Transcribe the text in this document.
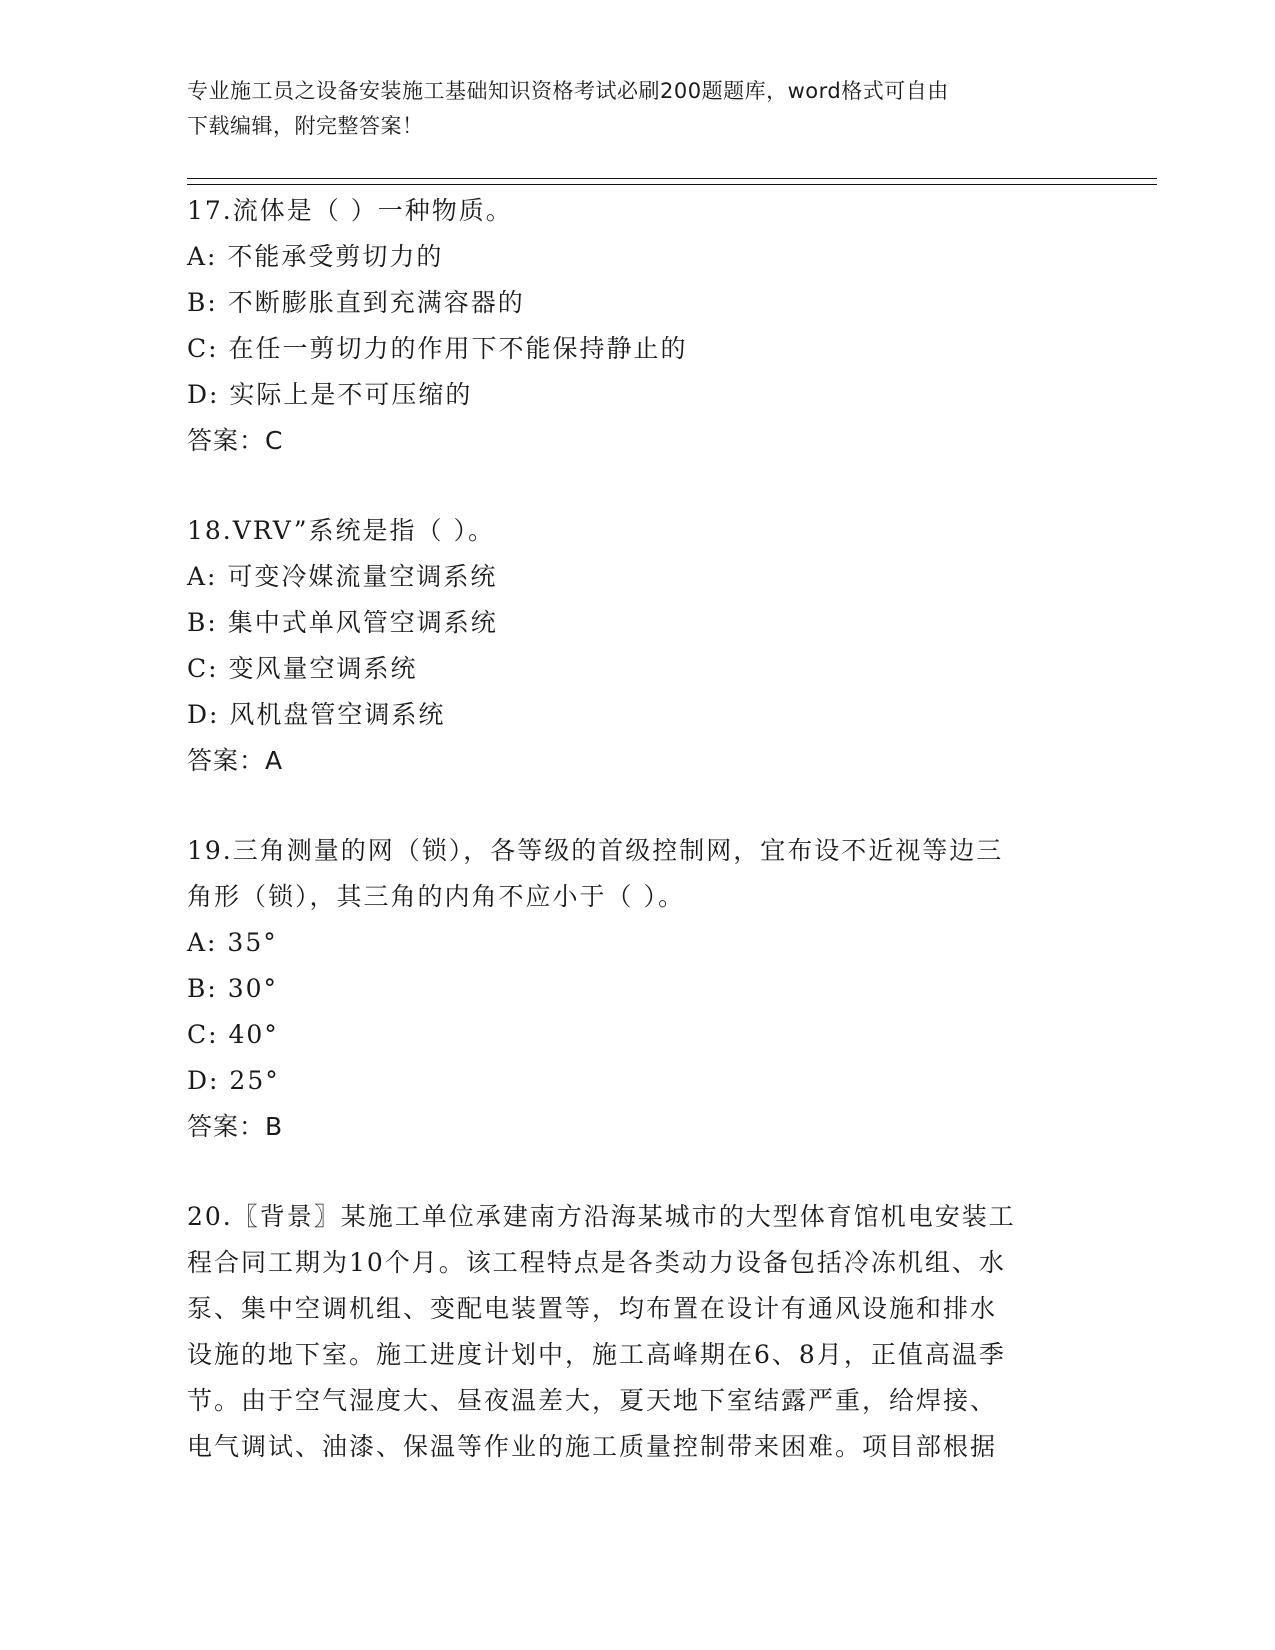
专业施工员之设备安装施工基础知识资格考试必刷200题题库，word格式可自由
下载编辑，附完整答案！
17.流体是（ ）一种物质。
A: 不能承受剪切力的
B: 不断膨胀直到充满容器的
C: 在任一剪切力的作用下不能保持静止的
D: 实际上是不可压缩的
答案：C
18.VRV”系统是指（ ）。
A: 可变冷媒流量空调系统
B: 集中式单风管空调系统
C: 变风量空调系统
D: 风机盘管空调系统
答案：A
19.三角测量的网（锁），各等级的首级控制网，宜布设不近视等边三
角形（锁），其三角的内角不应小于（ ）。
A: 35°
B: 30°
C: 40°
D: 25°
答案：B
20.〖背景〗某施工单位承建南方沿海某城市的大型体育馆机电安装工
程合同工期为10个月。该工程特点是各类动力设备包括冷冻机组、水
泵、集中空调机组、变配电装置等，均布置在设计有通风设施和排水
设施的地下室。施工进度计划中，施工高峰期在6、8月，正值高温季
节。由于空气湿度大、昼夜温差大，夏天地下室结露严重，给焊接、
电气调试、油漆、保温等作业的施工质量控制带来困难。项目部根据
